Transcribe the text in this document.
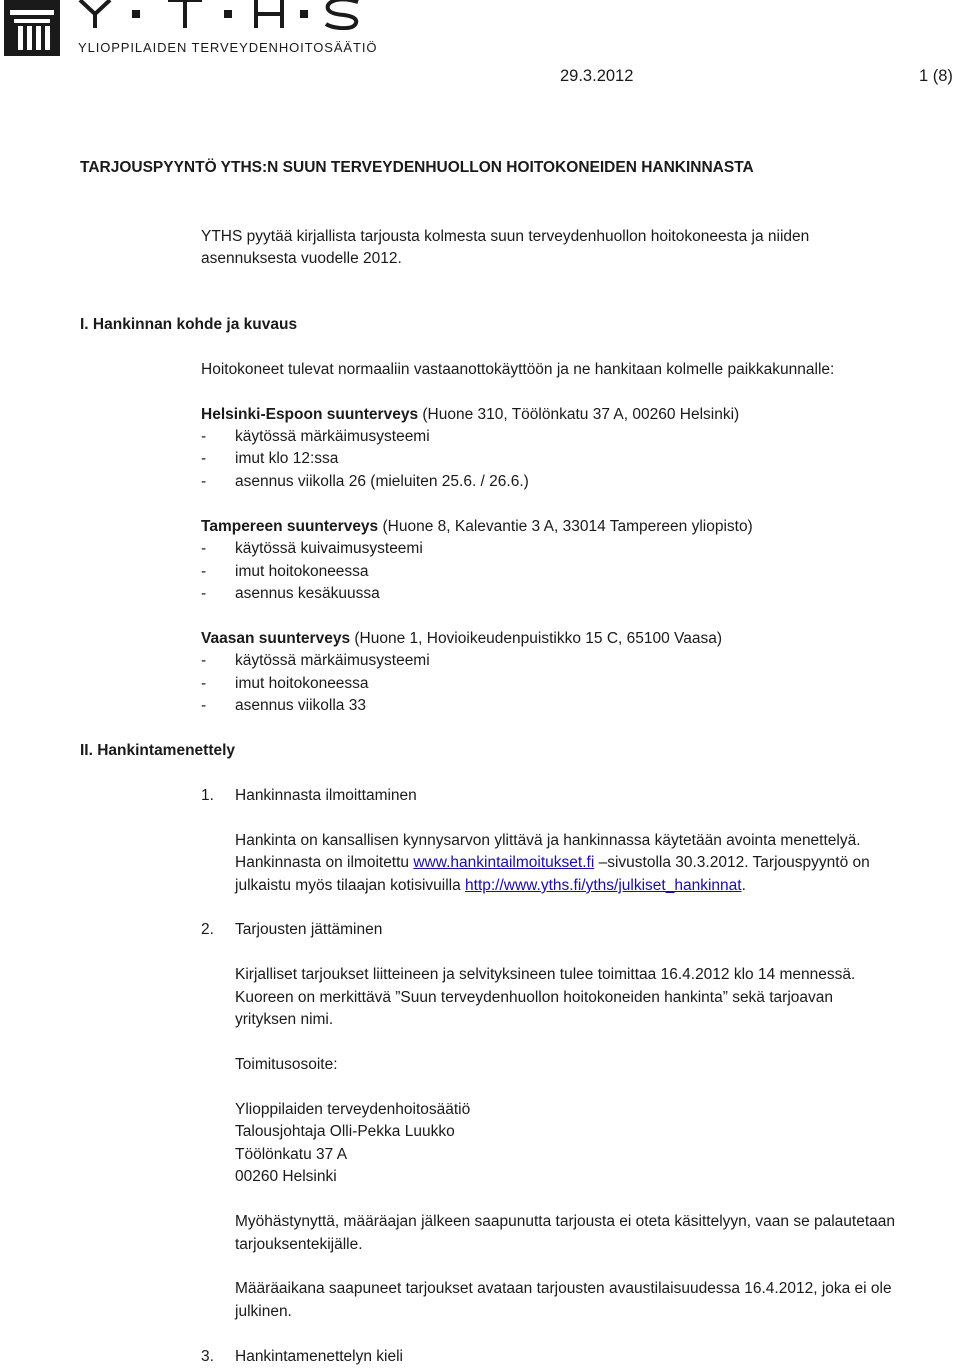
YLIOPPILAIDEN TERVEYDENHOITOSÄÄTIÖ
29.3.2012	1 (8)
TARJOUSPYYNTÖ YTHS:N SUUN TERVEYDENHUOLLON HOITOKONEIDEN HANKINNASTA
YTHS pyytää kirjallista tarjousta kolmesta suun terveydenhuollon hoitokoneesta ja niiden
asennuksesta vuodelle 2012.
I. Hankinnan kohde ja kuvaus
Hoitokoneet tulevat normaaliin vastaanottokäyttöön ja ne hankitaan kolmelle paikkakunnalle:
Helsinki-Espoon suunterveys (Huone 310, Töölönkatu 37 A, 00260 Helsinki)
- käytössä märkäimusysteemi
- imut klo 12:ssa
- asennus viikolla 26 (mieluiten 25.6. / 26.6.)
Tampereen suunterveys (Huone 8, Kalevantie 3 A, 33014 Tampereen yliopisto)
- käytössä kuivaimusysteemi
- imut hoitokoneessa
- asennus kesäkuussa
Vaasan suunterveys (Huone 1, Hovioikeudenpuistikko 15 C, 65100 Vaasa)
- käytössä märkäimusysteemi
- imut hoitokoneessa
- asennus viikolla 33
II. Hankintamenettely
1. Hankinnasta ilmoittaminen
Hankinta on kansallisen kynnysarvon ylittävä ja hankinnassa käytetään avointa menettelyä.
Hankinnasta on ilmoitettu www.hankintailmoitukset.fi –sivustolla 30.3.2012. Tarjouspyyntö on
julkaistu myös tilaajan kotisivuilla http://www.yths.fi/yths/julkiset_hankinnat.
2. Tarjousten jättäminen
Kirjalliset tarjoukset liitteineen ja selvityksineen tulee toimittaa 16.4.2012 klo 14 mennessä.
Kuoreen on merkittävä ”Suun terveydenhuollon hoitokoneiden hankinta” sekä tarjoavan
yrityksen nimi.
Toimitusosoite:
Ylioppilaiden terveydenhoitosäätiö
Talousjohtaja Olli-Pekka Luukko
Töölönkatu 37 A
00260 Helsinki
Myöhästynyttä, määräajan jälkeen saapunutta tarjousta ei oteta käsittelyyn, vaan se palautetaan
tarjouksentekijälle.
Määräaikana saapuneet tarjoukset avataan tarjousten avaustilaisuudessa 16.4.2012, joka ei ole
julkinen.
3. Hankintamenettelyn kieli
